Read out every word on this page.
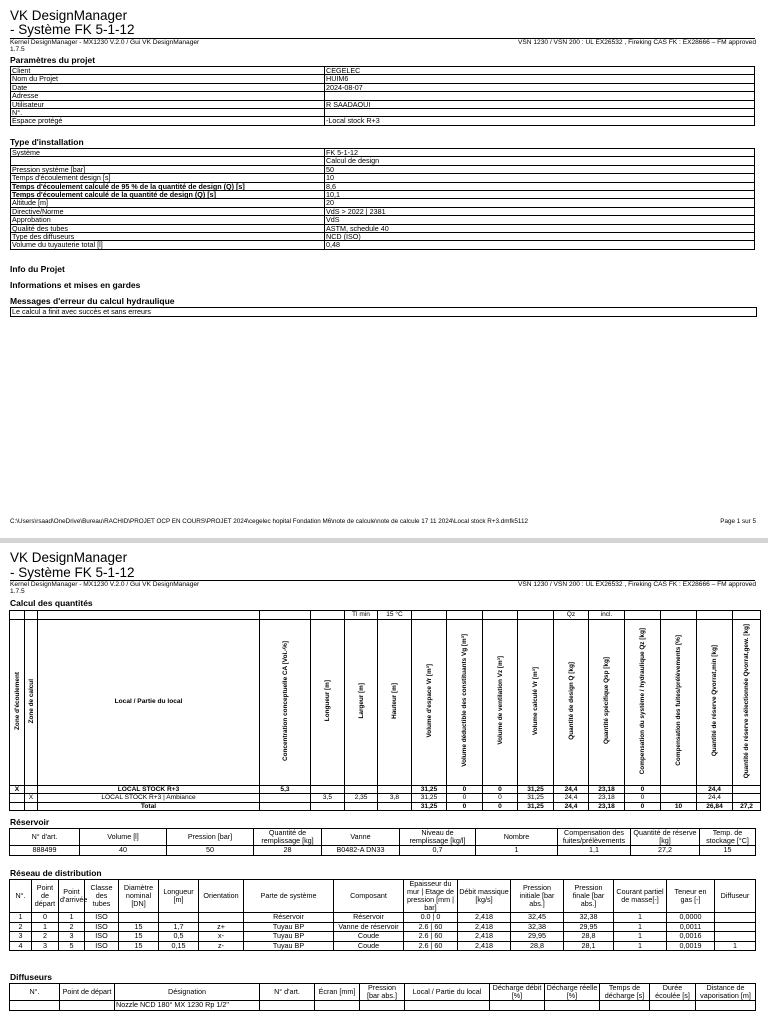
VK DesignManager
- Système FK 5-1-12
Kernel DesignManager - MX1230 V.2.0 / Gui VK DesignManager
1.7.5
VSN 1230 / VSN 200 : UL EX26532 , Fireking CAS FK : EX28666 – FM approved
Paramètres du projet
Client	CEGELEC
Nom du Projet	HUIM6
Date	2024-08-07
Adresse	
Utilisateur	R SAADAOUI
N°.	
Espace protégé	-Local stock R+3
Type d'installation
Système	FK 5-1-12
	Calcul de design
Pression système [bar]	50
Temps d'écoulement design [s]	10
Temps d'écoulement calculé de 95 % de la quantité de design (Q) [s]	8,6
Temps d'écoulement calculé de la quantité de design (Q) [s]	10,1
Altitude [m]	20
Directive/Norme	VdS > 2022 | 2381
Approbation	VdS
Qualité des tubes	ASTM, schedule 40
Type des diffuseurs	NCD (ISO)
Volume du tuyauterie total [l]	0,48
Info du Projet
Informations et mises en gardes
Messages d'erreur du calcul hydraulique
Le calcul a finit avec succès et sans erreurs
C:\Users\rsaad\OneDrive\Bureau\RACHID\PROJET OCP EN COURS\PROJET 2024\cegelec hopital Fondation M6\note de calcule\note de calcule 17 11 2024\Local stock R+3.dmfk5112	Page 1 sur 5
VK DesignManager
- Système FK 5-1-12
Kernel DesignManager - MX1230 V.2.0 / Gui VK DesignManager
1.7.5
VSN 1230 / VSN 200 : UL EX26532 , Fireking CAS FK : EX28666 – FM approved
Calcul des quantités
					Tl min	15 °C					Qz	incl.				
Zone d'écoulement	Zone de calcul	Local / Partie du local	Concentration conceptuelle CA [Vol.-%]	Longueur [m]	Largeur [m]	Hauteur [m]	Volume d'espace Vr [m³]	Volume déductible des constituants Vg [m³]	Volume de ventilation Vz [m³]	Volume calculé Vr [m³]	Quantité de design Q [kg]	Quantité spécifique Qsp [kg]	Compensation du système / hydraulique Qz [kg]	Compensation des fuites/prélèvements [%]	Quantité de réserve Qvorrat,min [kg]	Quantité de réserve sélectionnée Qvorrat,gew. [kg]
X		LOCAL STOCK R+3	5,3				31,25	0	0	31,25	24,4	23,18	0		24,4	
	X	LOCAL STOCK R+3 | Ambiance		3,5	2,35	3,8	31,25	0	0	31,25	24,4	23,18	0		24,4	
		Total					31,25	0	0	31,25	24,4	23,18	0	10	26,84	27,2
Réservoir
N° d'art.	Volume [l]	Pression [bar]	Quantité de remplissage [kg]	Vanne	Niveau de remplissage [kg/l]	Nombre	Compensation des fuites/prélèvements	Quantité de réserve [kg]	Temp. de stockage [°C]
888499	40	50	28	B0482-A DN33	0,7	1	1,1	27,2	15
Réseau de distribution
N°.	Point de départ	Point d'arrivée	Classe des tubes	Diamètre nominal [DN]	Longueur [m]	Orientation	Parte de système	Composant	Epaisseur du mur | Etage de pression [mm | bar]	Débit massique [kg/s]	Pression initiale [bar abs.]	Pression finale [bar abs.]	Courant partiel de masse[-]	Teneur en gas [-]	Diffuseur
1	0	1	ISO				Réservoir	Réservoir	0.0 | 0	2,418	32,45	32,38	1	0,0000	
2	1	2	ISO	15	1,7	z+	Tuyau BP	Vanne de réservoir	2.6 | 60	2,418	32,38	29,95	1	0,0011	
3	2	3	ISO	15	0,5	x-	Tuyau BP	Coude	2.6 | 60	2,418	29,95	28,8	1	0,0016	
4	3	5	ISO	15	0,15	z-	Tuyau BP	Coude	2.6 | 60	2,418	28,8	28,1	1	0,0019	1
Diffuseurs
N°.	Point de départ	Désignation	N° d'art.	Écran [mm]	Pression [bar abs.]	Local / Partie du local	Décharge débit [%]	Décharge réelle [%]	Temps de décharge [s]	Durée écoulée [s]	Distance de vaporisation [m]
		Nozzle NCD 180° MX 1230 Rp 1/2"									
